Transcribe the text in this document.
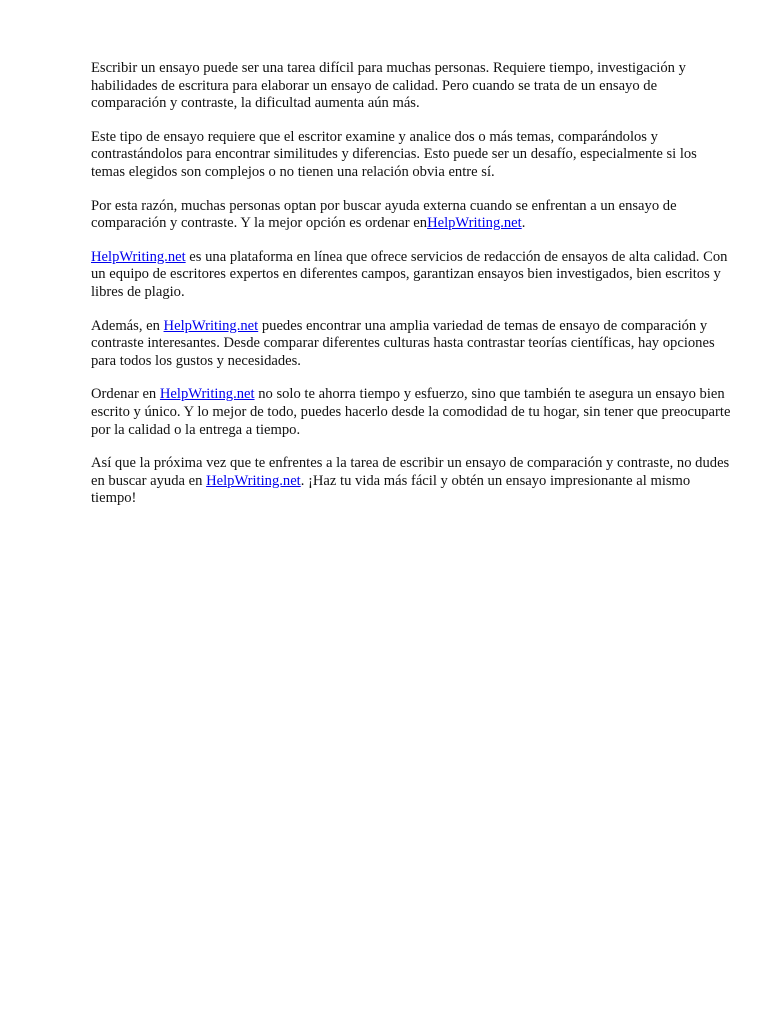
Escribir un ensayo puede ser una tarea difícil para muchas personas. Requiere tiempo, investigación y habilidades de escritura para elaborar un ensayo de calidad. Pero cuando se trata de un ensayo de comparación y contraste, la dificultad aumenta aún más.

Este tipo de ensayo requiere que el escritor examine y analice dos o más temas, comparándolos y contrastándolos para encontrar similitudes y diferencias. Esto puede ser un desafío, especialmente si los temas elegidos son complejos o no tienen una relación obvia entre sí.

Por esta razón, muchas personas optan por buscar ayuda externa cuando se enfrentan a un ensayo de comparación y contraste. Y la mejor opción es ordenar enHelpWriting.net.

HelpWriting.net es una plataforma en línea que ofrece servicios de redacción de ensayos de alta calidad. Con un equipo de escritores expertos en diferentes campos, garantizan ensayos bien investigados, bien escritos y libres de plagio.

Además, en HelpWriting.net puedes encontrar una amplia variedad de temas de ensayo de comparación y contraste interesantes. Desde comparar diferentes culturas hasta contrastar teorías científicas, hay opciones para todos los gustos y necesidades.

Ordenar en HelpWriting.net no solo te ahorra tiempo y esfuerzo, sino que también te asegura un ensayo bien escrito y único. Y lo mejor de todo, puedes hacerlo desde la comodidad de tu hogar, sin tener que preocuparte por la calidad o la entrega a tiempo.

Así que la próxima vez que te enfrentes a la tarea de escribir un ensayo de comparación y contraste, no dudes en buscar ayuda en HelpWriting.net. ¡Haz tu vida más fácil y obtén un ensayo impresionante al mismo tiempo!
